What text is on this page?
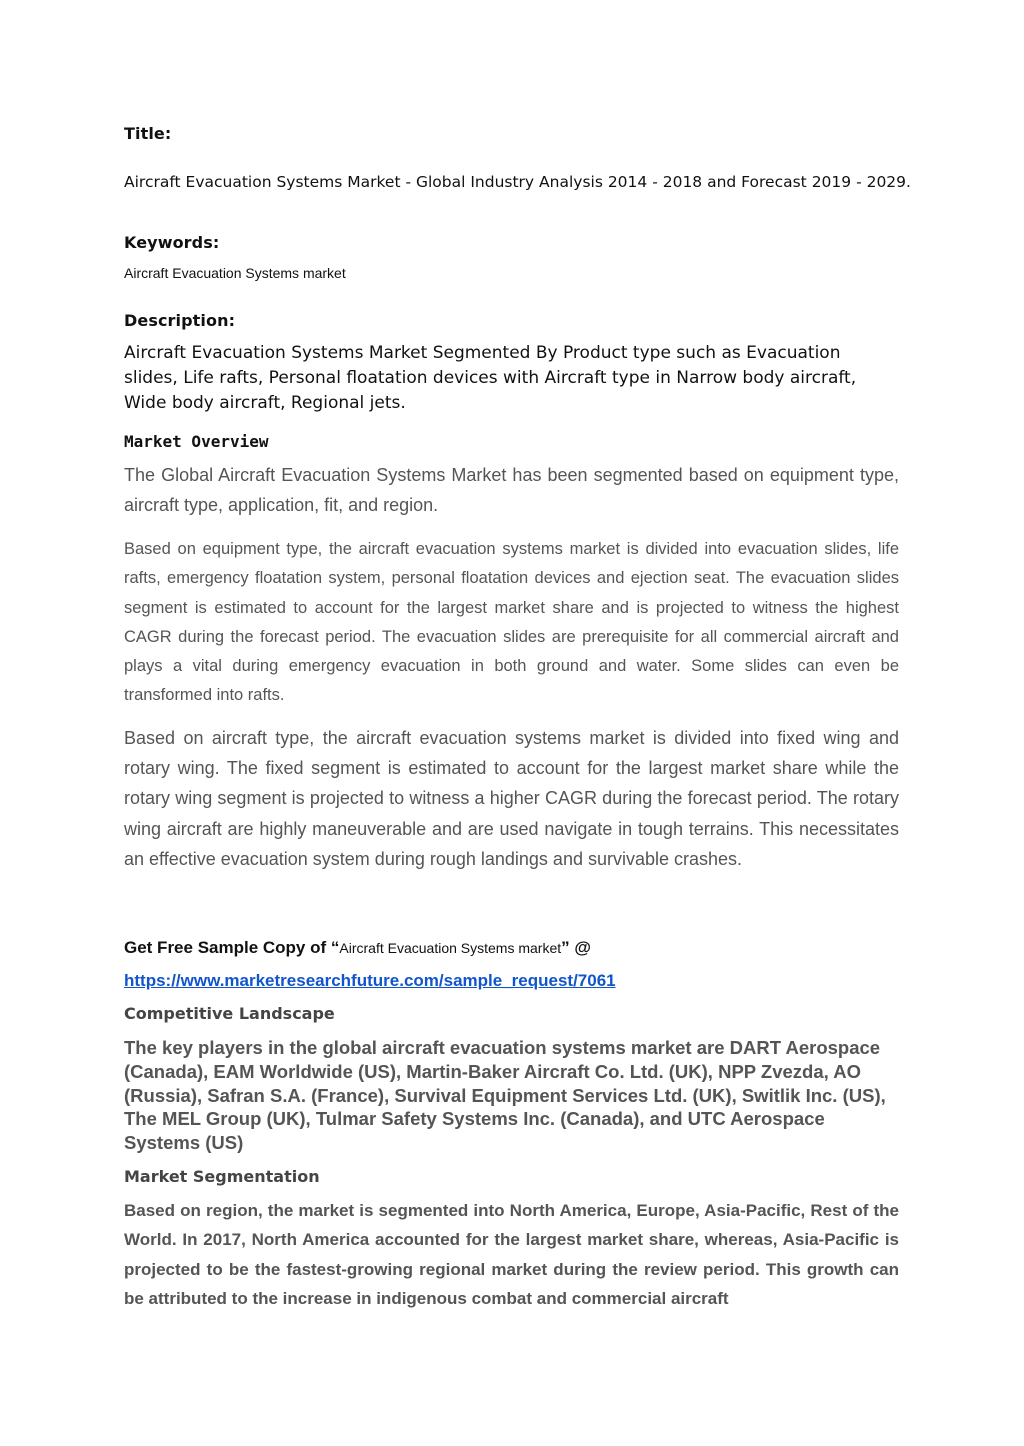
Title:
Aircraft Evacuation Systems Market - Global Industry Analysis 2014 - 2018 and Forecast 2019 - 2029.
Keywords:
Aircraft Evacuation Systems market
Description:
Aircraft Evacuation Systems Market Segmented By Product type such as Evacuation slides, Life rafts, Personal floatation devices with Aircraft type in Narrow body aircraft, Wide body aircraft, Regional jets.
Market Overview
The Global Aircraft Evacuation Systems Market has been segmented based on equipment type, aircraft type, application, fit, and region.
Based on equipment type, the aircraft evacuation systems market is divided into evacuation slides, life rafts, emergency floatation system, personal floatation devices and ejection seat. The evacuation slides segment is estimated to account for the largest market share and is projected to witness the highest CAGR during the forecast period. The evacuation slides are prerequisite for all commercial aircraft and plays a vital during emergency evacuation in both ground and water. Some slides can even be transformed into rafts.
Based on aircraft type, the aircraft evacuation systems market is divided into fixed wing and rotary wing. The fixed segment is estimated to account for the largest market share while the rotary wing segment is projected to witness a higher CAGR during the forecast period. The rotary wing aircraft are highly maneuverable and are used navigate in tough terrains. This necessitates an effective evacuation system during rough landings and survivable crashes.
Get Free Sample Copy of “Aircraft Evacuation Systems market” @
https://www.marketresearchfuture.com/sample_request/7061
Competitive Landscape
The key players in the global aircraft evacuation systems market are DART Aerospace (Canada), EAM Worldwide (US), Martin-Baker Aircraft Co. Ltd. (UK), NPP Zvezda, AO (Russia), Safran S.A. (France), Survival Equipment Services Ltd. (UK), Switlik Inc. (US), The MEL Group (UK), Tulmar Safety Systems Inc. (Canada), and UTC Aerospace Systems (US)
Market Segmentation
Based on region, the market is segmented into North America, Europe, Asia-Pacific, Rest of the World. In 2017, North America accounted for the largest market share, whereas, Asia-Pacific is projected to be the fastest-growing regional market during the review period. This growth can be attributed to the increase in indigenous combat and commercial aircraft
